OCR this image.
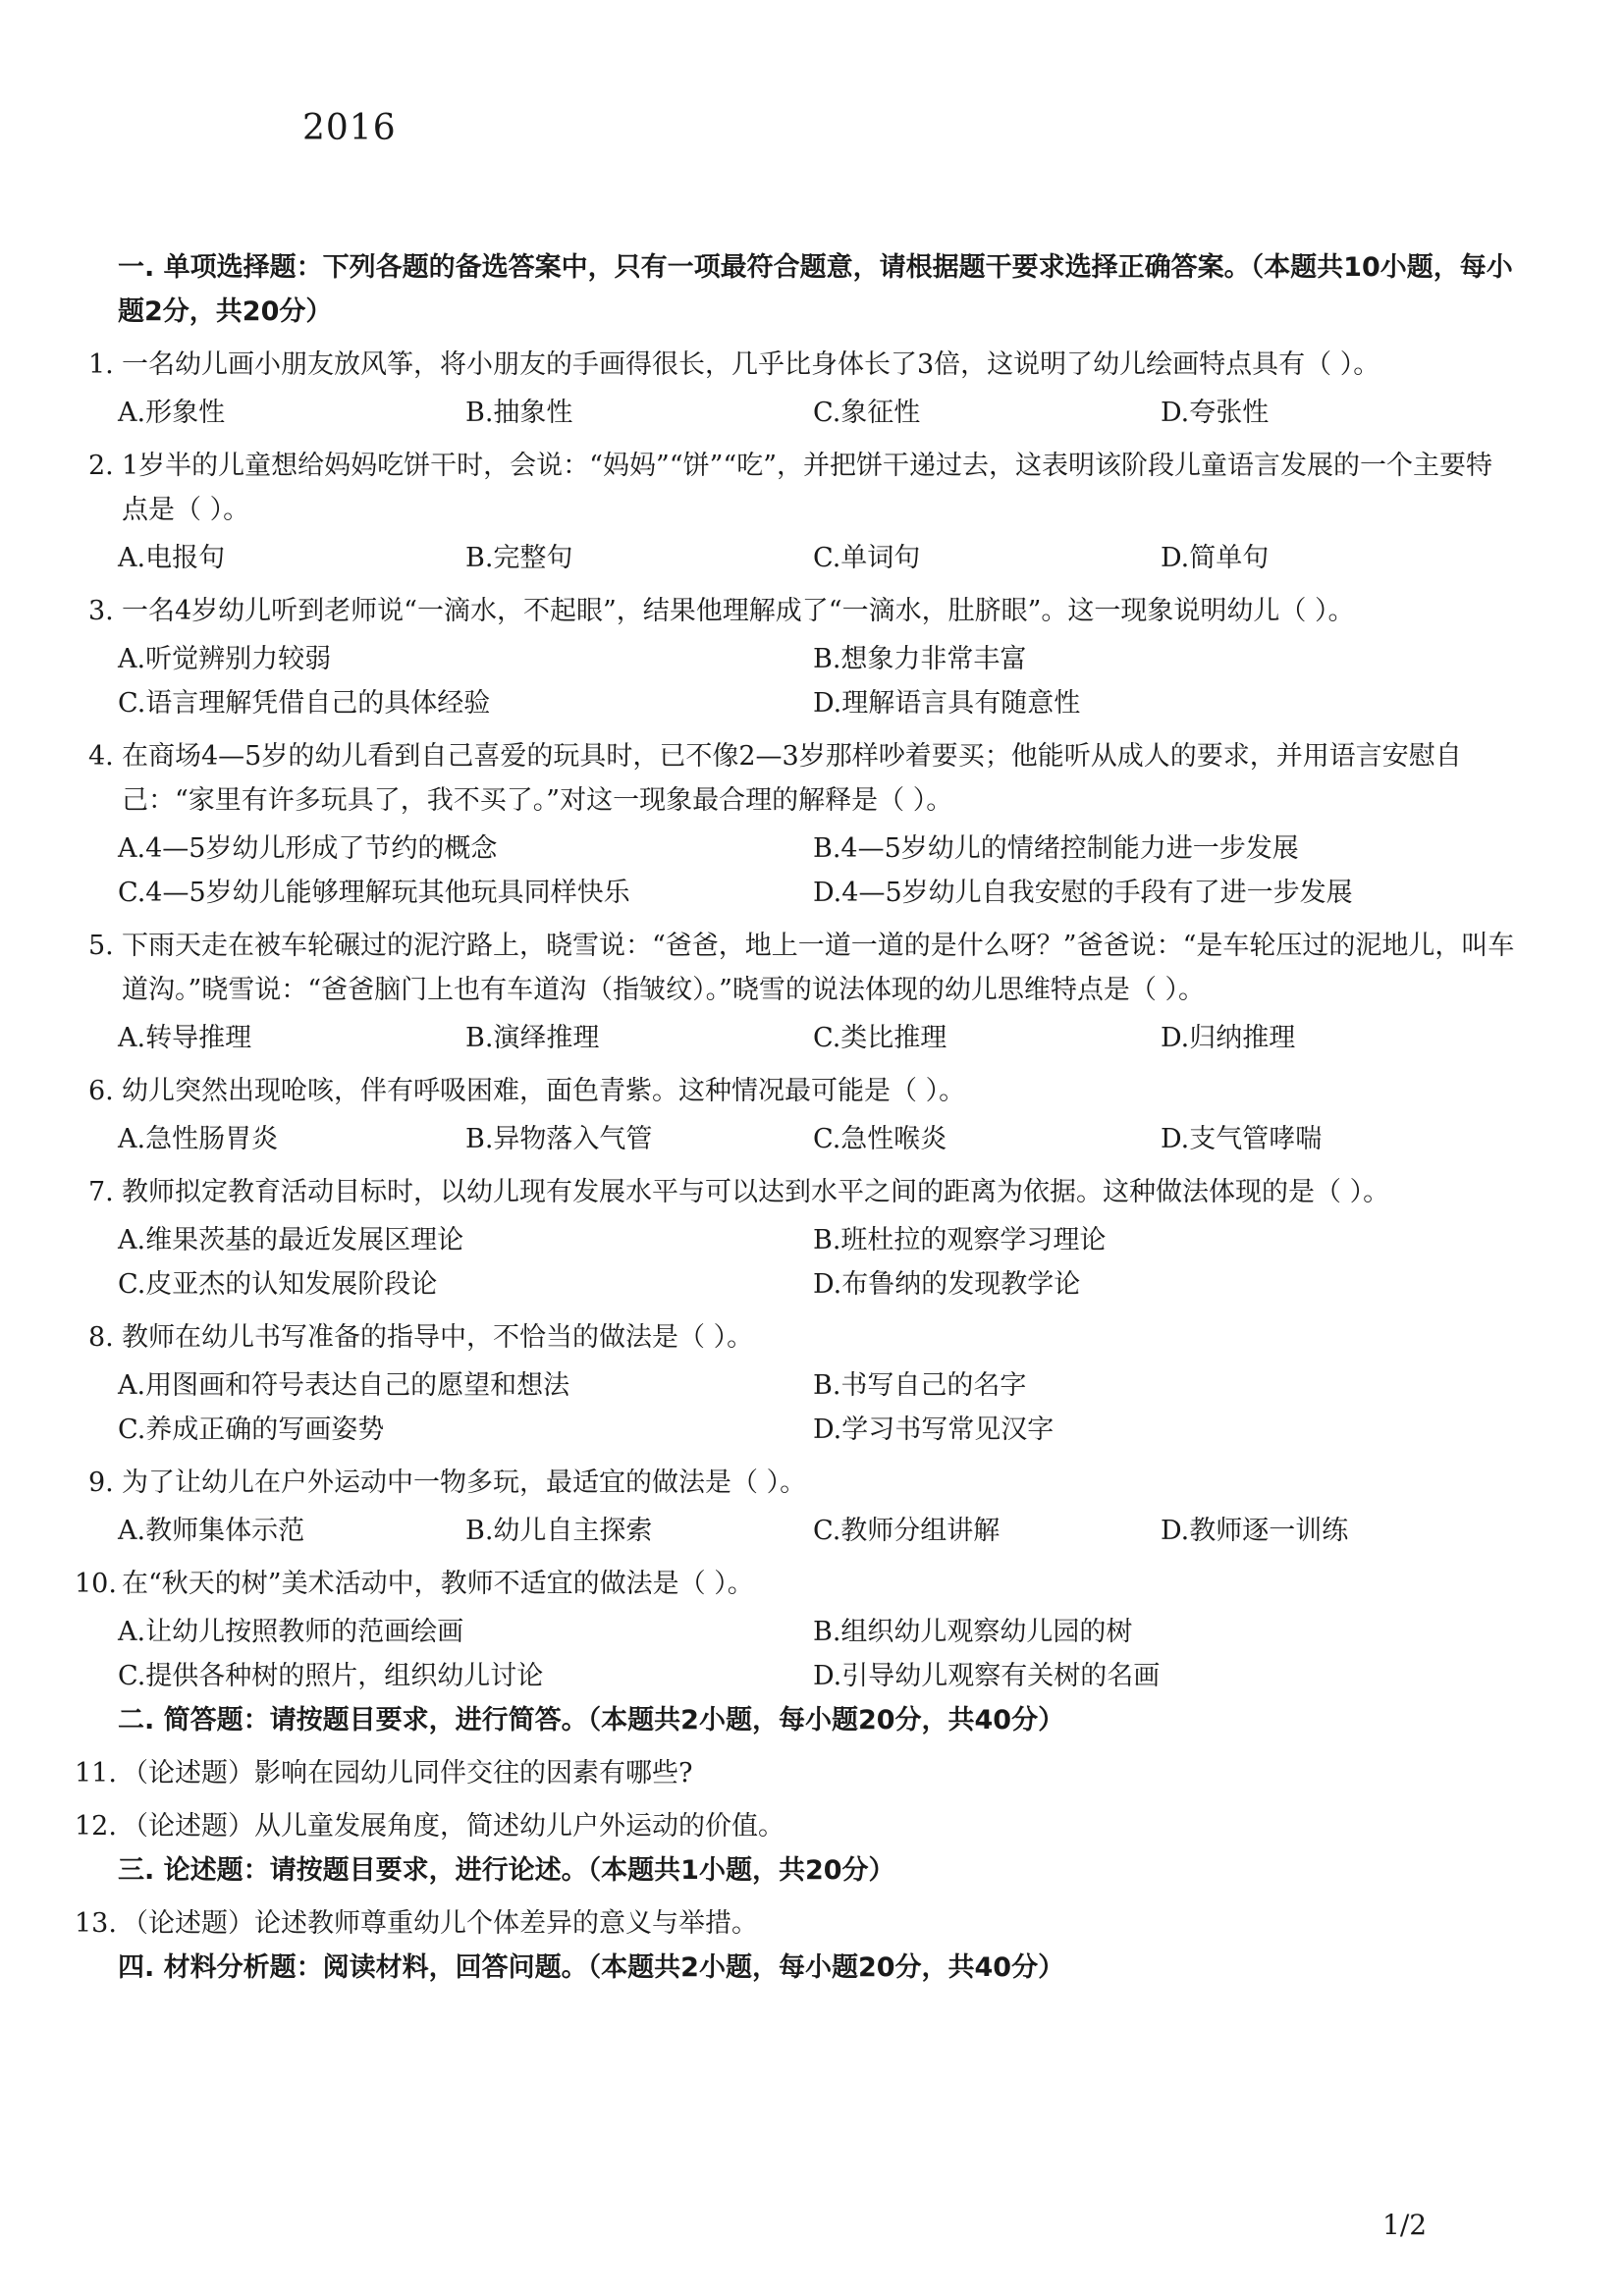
2016
一. 单项选择题：下列各题的备选答案中，只有一项最符合题意，请根据题干要求选择正确答案。（本题共10小题，每小题2分，共20分）
1. 一名幼儿画小朋友放风筝，将小朋友的手画得很长，几乎比身体长了3倍，这说明了幼儿绘画特点具有（ ）。
A.形象性	B.抽象性	C.象征性	D.夸张性
2. 1岁半的儿童想给妈妈吃饼干时，会说：“妈妈”“饼”“吃”，并把饼干递过去，这表明该阶段儿童语言发展的一个主要特点是（ ）。
A.电报句	B.完整句	C.单词句	D.简单句
3. 一名4岁幼儿听到老师说“一滴水，不起眼”，结果他理解成了“一滴水，肚脐眼”。这一现象说明幼儿（ ）。
A.听觉辨别力较弱	B.想象力非常丰富
C.语言理解凭借自己的具体经验	D.理解语言具有随意性
4. 在商场4—5岁的幼儿看到自己喜爱的玩具时，已不像2—3岁那样吵着要买；他能听从成人的要求，并用语言安慰自己：“家里有许多玩具了，我不买了。”对这一现象最合理的解释是（ ）。
A.4—5岁幼儿形成了节约的概念	B.4—5岁幼儿的情绪控制能力进一步发展
C.4—5岁幼儿能够理解玩其他玩具同样快乐	D.4—5岁幼儿自我安慰的手段有了进一步发展
5. 下雨天走在被车轮碾过的泥泞路上，晓雪说：“爸爸，地上一道一道的是什么呀？”爸爸说：“是车轮压过的泥地儿，叫车道沟。”晓雪说：“爸爸脑门上也有车道沟（指皱纹）。”晓雪的说法体现的幼儿思维特点是（ ）。
A.转导推理	B.演绎推理	C.类比推理	D.归纳推理
6. 幼儿突然出现呛咳，伴有呼吸困难，面色青紫。这种情况最可能是（ ）。
A.急性肠胃炎	B.异物落入气管	C.急性喉炎	D.支气管哮喘
7. 教师拟定教育活动目标时，以幼儿现有发展水平与可以达到水平之间的距离为依据。这种做法体现的是（ ）。
A.维果茨基的最近发展区理论	B.班杜拉的观察学习理论
C.皮亚杰的认知发展阶段论	D.布鲁纳的发现教学论
8. 教师在幼儿书写准备的指导中，不恰当的做法是（ ）。
A.用图画和符号表达自己的愿望和想法	B.书写自己的名字
C.养成正确的写画姿势	D.学习书写常见汉字
9. 为了让幼儿在户外运动中一物多玩，最适宜的做法是（ ）。
A.教师集体示范	B.幼儿自主探索	C.教师分组讲解	D.教师逐一训练
10. 在“秋天的树”美术活动中，教师不适宜的做法是（ ）。
A.让幼儿按照教师的范画绘画	B.组织幼儿观察幼儿园的树
C.提供各种树的照片，组织幼儿讨论	D.引导幼儿观察有关树的名画
二. 简答题：请按题目要求，进行简答。（本题共2小题，每小题20分，共40分）
11. （论述题）影响在园幼儿同伴交往的因素有哪些?
12. （论述题）从儿童发展角度，简述幼儿户外运动的价值。
三. 论述题：请按题目要求，进行论述。（本题共1小题，共20分）
13. （论述题）论述教师尊重幼儿个体差异的意义与举措。
四. 材料分析题：阅读材料，回答问题。（本题共2小题，每小题20分，共40分）
1/2
